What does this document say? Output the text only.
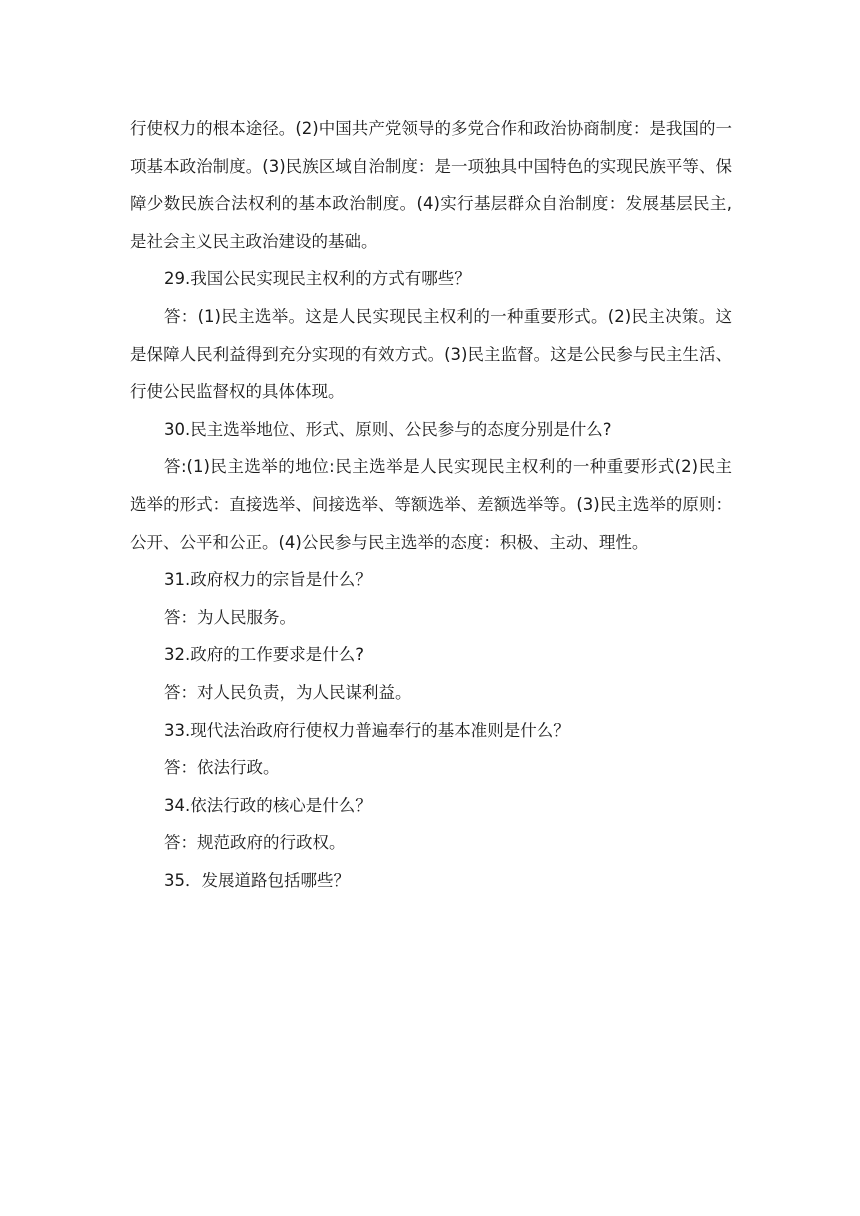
行使权力的根本途径。(2)中国共产党领导的多党合作和政治协商制度：是我国的一项基本政治制度。(3)民族区域自治制度：是一项独具中国特色的实现民族平等、保障少数民族合法权利的基本政治制度。(4)实行基层群众自治制度：发展基层民主,是社会主义民主政治建设的基础。

29.我国公民实现民主权利的方式有哪些？

答：(1)民主选举。这是人民实现民主权利的一种重要形式。(2)民主决策。这是保障人民利益得到充分实现的有效方式。(3)民主监督。这是公民参与民主生活、行使公民监督权的具体体现。

30.民主选举地位、形式、原则、公民参与的态度分别是什么?

答:(1)民主选举的地位:民主选举是人民实现民主权利的一种重要形式(2)民主选举的形式：直接选举、间接选举、等额选举、差额选举等。(3)民主选举的原则：公开、公平和公正。(4)公民参与民主选举的态度：积极、主动、理性。

31.政府权力的宗旨是什么？

答：为人民服务。

32.政府的工作要求是什么?

答：对人民负责，为人民谋利益。

33.现代法治政府行使权力普遍奉行的基本准则是什么？

答：依法行政。

34.依法行政的核心是什么？

答：规范政府的行政权。

35．发展道路包括哪些？
